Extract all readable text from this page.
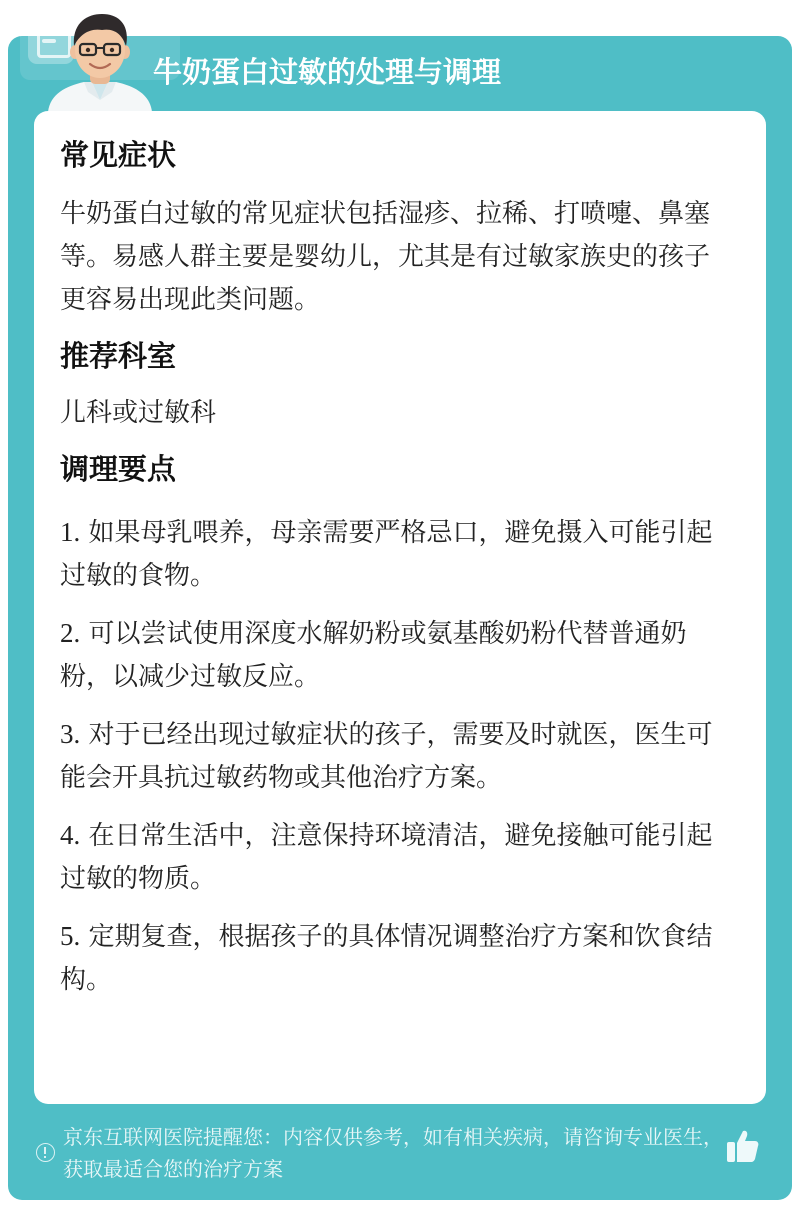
牛奶蛋白过敏的处理与调理
常见症状
牛奶蛋白过敏的常见症状包括湿疹、拉稀、打喷嚏、鼻塞等。易感人群主要是婴幼儿，尤其是有过敏家族史的孩子更容易出现此类问题。
推荐科室
儿科或过敏科
调理要点
1. 如果母乳喂养，母亲需要严格忌口，避免摄入可能引起过敏的食物。
2. 可以尝试使用深度水解奶粉或氨基酸奶粉代替普通奶粉，以减少过敏反应。
3. 对于已经出现过敏症状的孩子，需要及时就医，医生可能会开具抗过敏药物或其他治疗方案。
4. 在日常生活中，注意保持环境清洁，避免接触可能引起过敏的物质。
5. 定期复查，根据孩子的具体情况调整治疗方案和饮食结构。
京东互联网医院提醒您：内容仅供参考，如有相关疾病，请咨询专业医生，获取最适合您的治疗方案
